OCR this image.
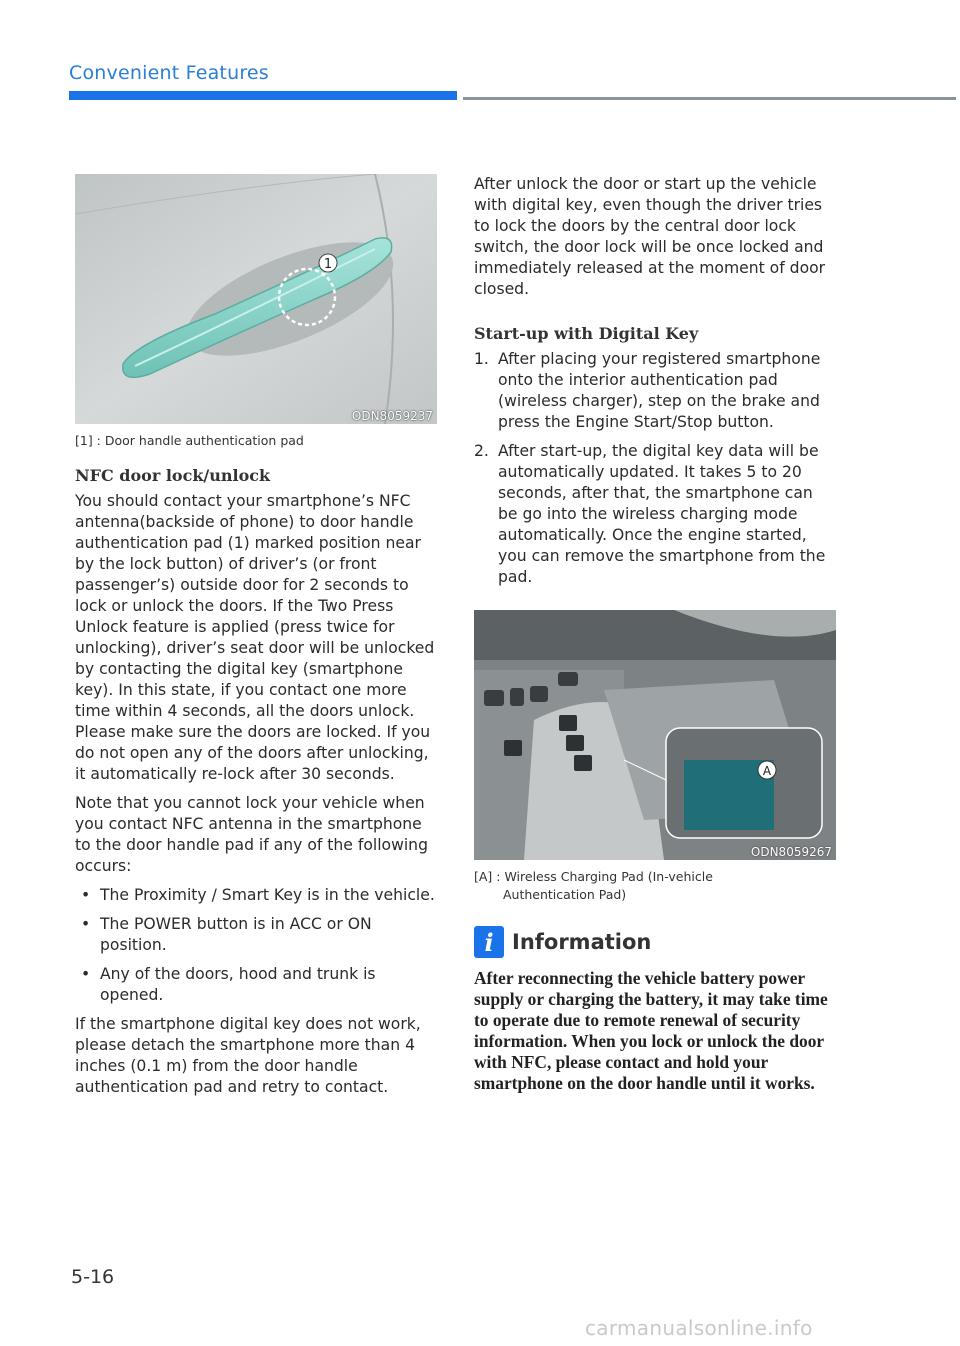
Convenient Features
1
ODN8059237
[1] : Door handle authentication pad
NFC door lock/unlock

You should contact your smartphone’s NFC antenna(backside of phone) to door handle authentication pad (1) marked position near by the lock button) of driver’s (or front passenger’s) outside door for 2 seconds to lock or unlock the doors. If the Two Press Unlock feature is applied (press twice for unlocking), driver’s seat door will be unlocked by contacting the digital key (smartphone key). In this state, if you contact one more time within 4 seconds, all the doors unlock. Please make sure the doors are locked. If you do not open any of the doors after unlocking, it automatically re-lock after 30 seconds.

Note that you cannot lock your vehicle when you contact NFC antenna in the smartphone to the door handle pad if any of the following occurs:

• The Proximity / Smart Key is in the vehicle.
• The POWER button is in ACC or ON position.
• Any of the doors, hood and trunk is opened.

If the smartphone digital key does not work, please detach the smartphone more than 4 inches (0.1 m) from the door handle authentication pad and retry to contact.

After unlock the door or start up the vehicle with digital key, even though the driver tries to lock the doors by the central door lock switch, the door lock will be once locked and immediately released at the moment of door closed.

Start-up with Digital Key
1. After placing your registered smartphone onto the interior authentication pad (wireless charger), step on the brake and press the Engine Start/Stop button.
2. After start-up, the digital key data will be automatically updated. It takes 5 to 20 seconds, after that, the smartphone can be go into the wireless charging mode automatically. Once the engine started, you can remove the smartphone from the pad.
A
ODN8059267
[A] : Wireless Charging Pad (In-vehicle
Authentication Pad)
i Information
After reconnecting the vehicle battery power supply or charging the battery, it may take time to operate due to remote renewal of security information. When you lock or unlock the door with NFC, please contact and hold your smartphone on the door handle until it works.
5-16
carmanualsonline.info
